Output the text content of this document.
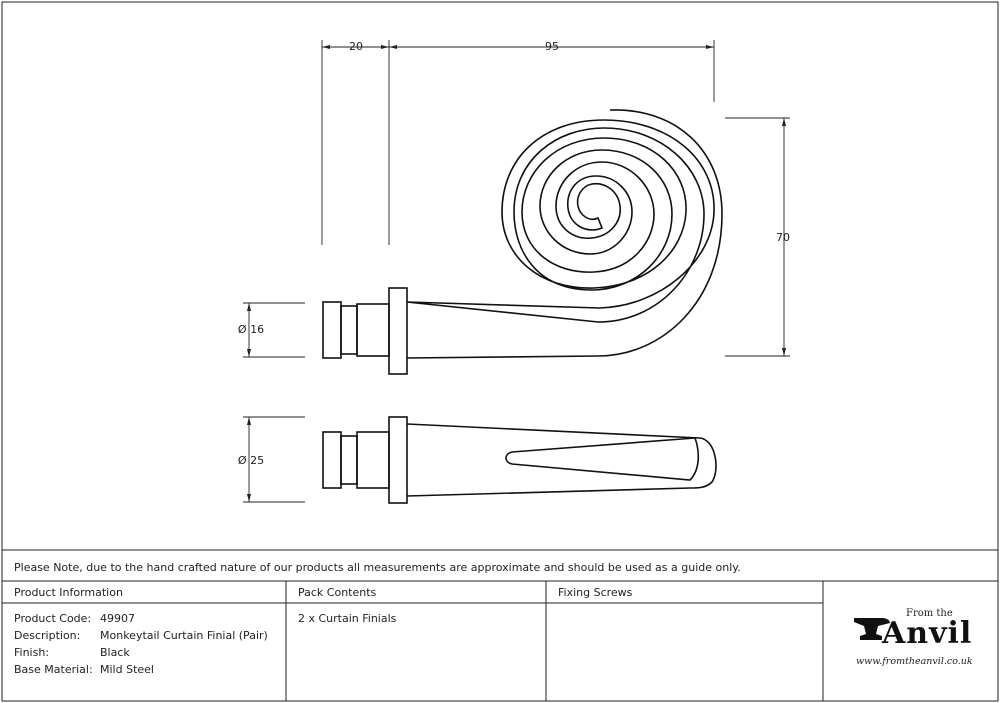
20	95
70
Ø 16
Ø 25
Please Note, due to the hand crafted nature of our products all measurements are approximate and should be used as a guide only.
Product Information	Pack Contents	Fixing Screws
Product Code: 49907
Description: Monkeytail Curtain Finial (Pair)
Finish:	Black
Base Material: Mild Steel
2 x Curtain Finials	From the
Anvil
www.fromtheanvil.co.uk
